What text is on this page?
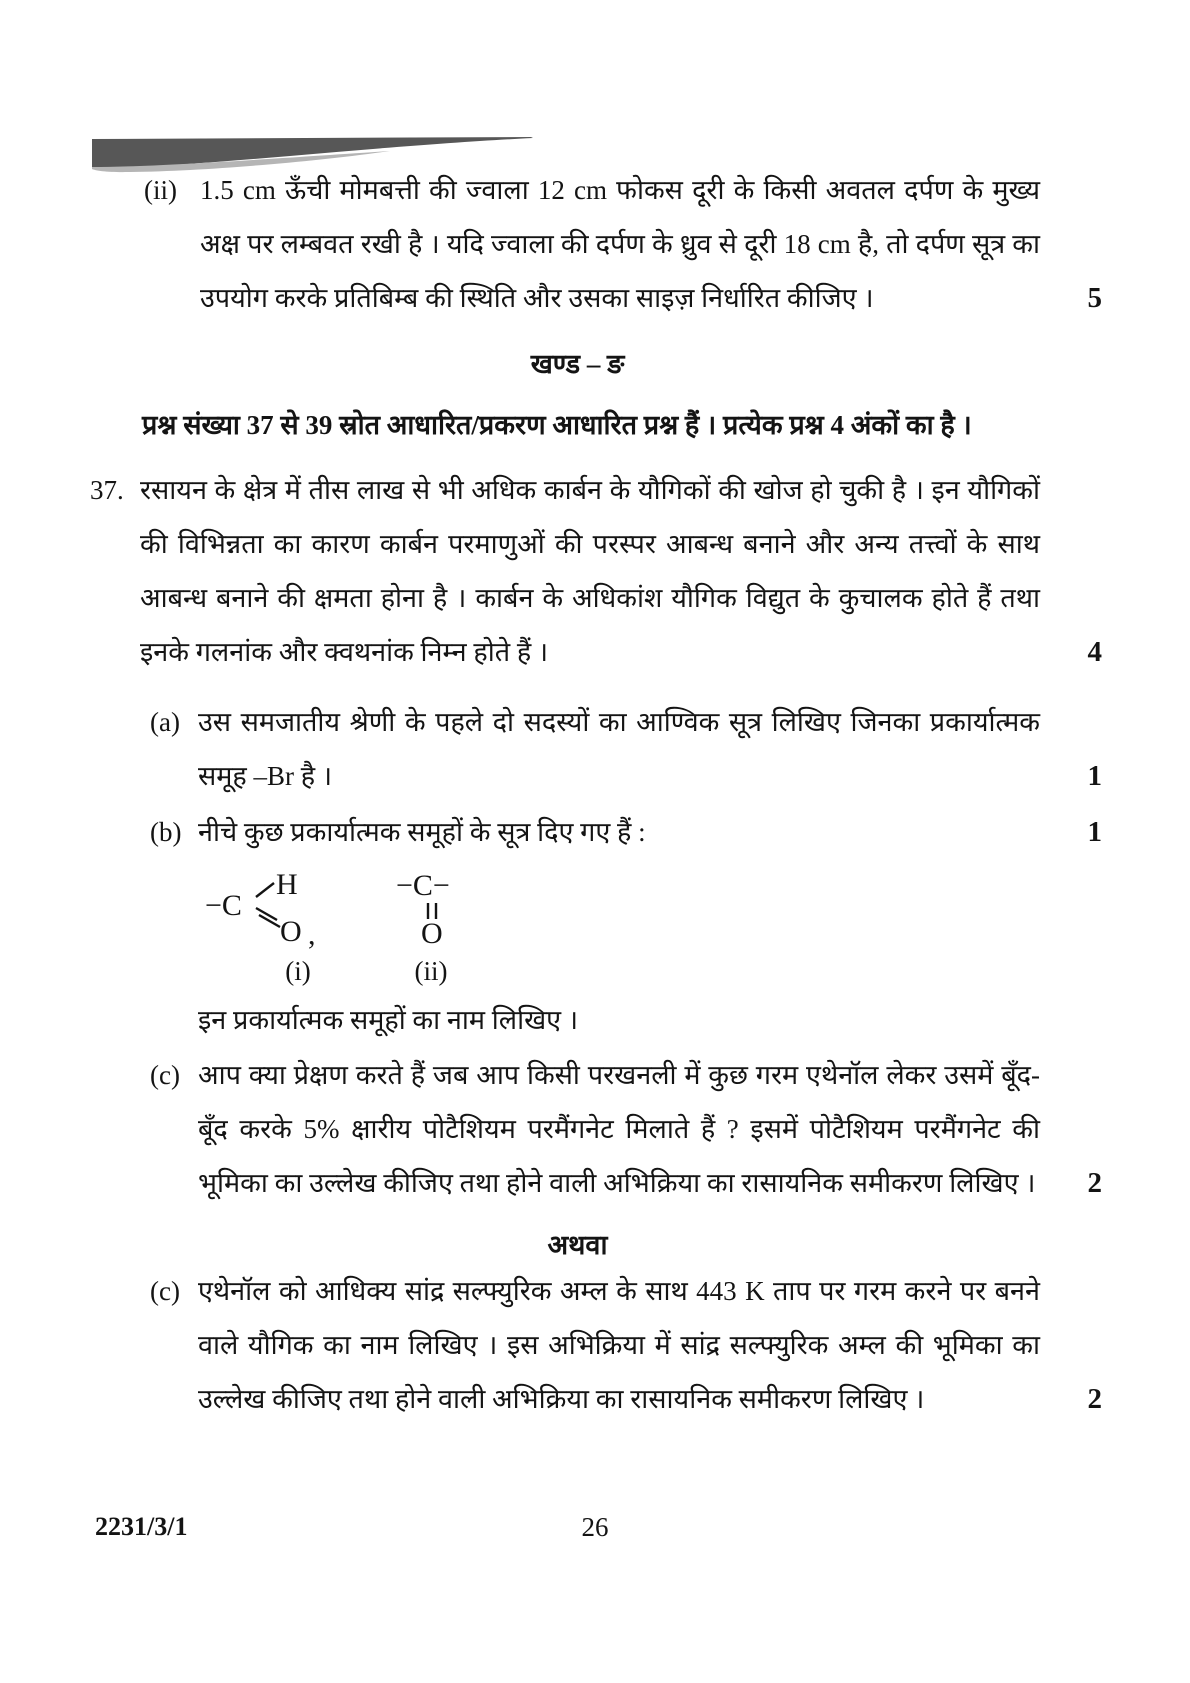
(ii) 1.5 cm ऊँची मोमबत्ती की ज्वाला 12 cm फोकस दूरी के किसी अवतल दर्पण के मुख्य अक्ष पर लम्बवत रखी है । यदि ज्वाला की दर्पण के ध्रुव से दूरी 18 cm है, तो दर्पण सूत्र का उपयोग करके प्रतिबिम्ब की स्थिति और उसका साइज़ निर्धारित कीजिए ।	5
खण्ड – ङ
प्रश्न संख्या 37 से 39 स्रोत आधारित/प्रकरण आधारित प्रश्न हैं । प्रत्येक प्रश्न 4 अंकों का है ।
37. रसायन के क्षेत्र में तीस लाख से भी अधिक कार्बन के यौगिकों की खोज हो चुकी है । इन यौगिकों की विभिन्नता का कारण कार्बन परमाणुओं की परस्पर आबन्ध बनाने और अन्य तत्त्वों के साथ आबन्ध बनाने की क्षमता होना है । कार्बन के अधिकांश यौगिक विद्युत के कुचालक होते हैं तथा इनके गलनांक और क्वथनांक निम्न होते हैं ।	4
(a) उस समजातीय श्रेणी के पहले दो सदस्यों का आण्विक सूत्र लिखिए जिनका प्रकार्यात्मक समूह –Br है ।	1
(b) नीचे कुछ प्रकार्यात्मक समूहों के सूत्र दिए गए हैं :	1
−C
H
O ,
(i)
−C−
O
(ii)
इन प्रकार्यात्मक समूहों का नाम लिखिए ।
(c) आप क्या प्रेक्षण करते हैं जब आप किसी परखनली में कुछ गरम एथेनॉल लेकर उसमें बूँद-बूँद करके 5% क्षारीय पोटैशियम परमैंगनेट मिलाते हैं ? इसमें पोटैशियम परमैंगनेट की भूमिका का उल्लेख कीजिए तथा होने वाली अभिक्रिया का रासायनिक समीकरण लिखिए ।	2
अथवा
(c) एथेनॉल को आधिक्य सांद्र सल्फ्युरिक अम्ल के साथ 443 K ताप पर गरम करने पर बनने वाले यौगिक का नाम लिखिए । इस अभिक्रिया में सांद्र सल्फ्युरिक अम्ल की भूमिका का उल्लेख कीजिए तथा होने वाली अभिक्रिया का रासायनिक समीकरण लिखिए ।	2
2231/3/1	26
